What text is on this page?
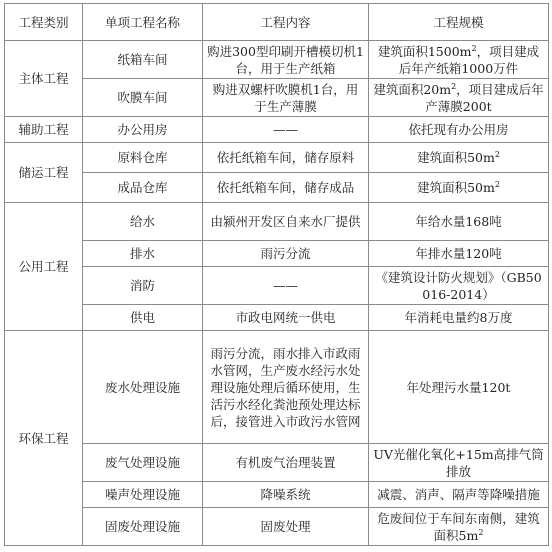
工程类别	单项工程名称	工程内容	工程规模
主体工程	纸箱车间	购进300型印刷开槽模切机1台，用于生产纸箱	建筑面积$1500m^2$，项目建成后年产纸箱1000万件
	吹膜车间	购进双螺杆吹膜机1台，用于生产薄膜	建筑面积$20m^2$，项目建成后年产薄膜200t
辅助工程	办公用房	——	依托现有办公用房
储运工程	原料仓库	依托纸箱车间，储存原料	建筑面积$50m^2$
	成品仓库	依托纸箱车间，储存成品	建筑面积$50m^2$
公用工程	给水	由颍州开发区自来水厂提供	年给水量168吨
	排水	雨污分流	年排水量120吨
	消防	——	《建筑设计防火规划》（GB50016-2014）
	供电	市政电网统一供电	年消耗电量约8万度
环保工程	废水处理设施	雨污分流，雨水排入市政雨水管网，生产废水经污水处理设施处理后循环使用，生活污水经化粪池预处理达标后，接管进入市政污水管网	年处理污水量120t
	废气处理设施	有机废气治理装置	UV光催化氧化+15m高排气筒排放
	噪声处理设施	降噪系统	减震、消声、隔声等降噪措施
	固废处理设施	固废处理	危废间位于车间东南侧，建筑面积$5m^2$
